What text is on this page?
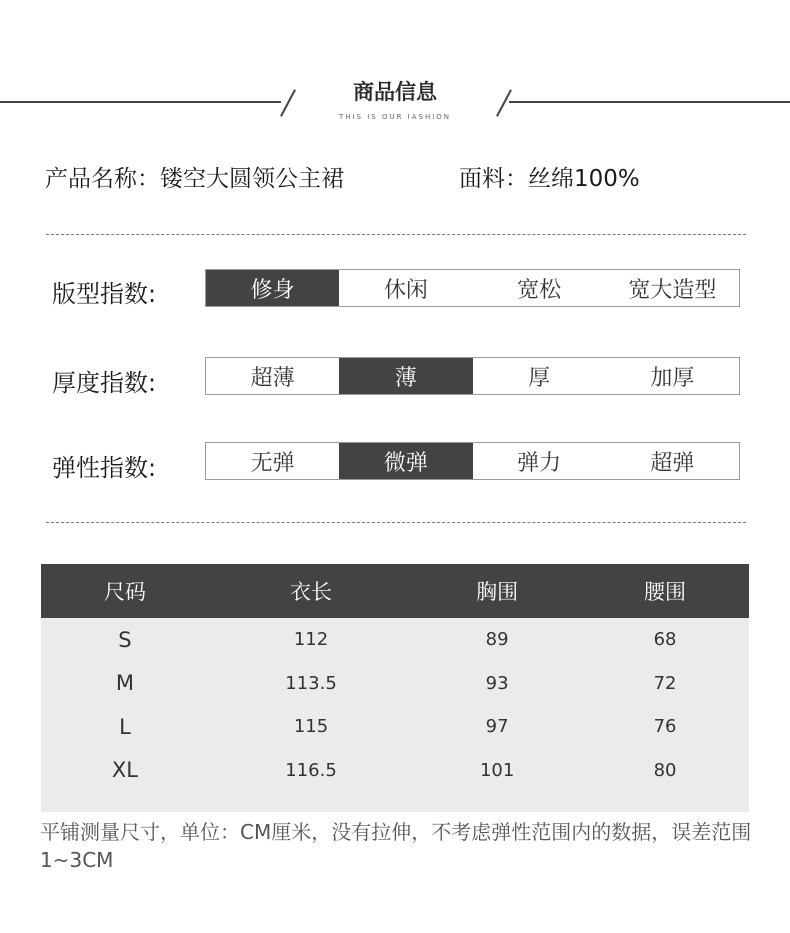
商品信息
THIS IS OUR IASHION
产品名称：镂空大圆领公主裙	面料：丝绵100%
版型指数:	修身	休闲	宽松	宽大造型
厚度指数:	超薄	薄	厚	加厚
弹性指数:	无弹	微弹	弹力	超弹
尺码	衣长	胸围	腰围
S	112	89	68
M	113.5	93	72
L	115	97	76
XL	116.5	101	80

平铺测量尺寸，单位：CM厘米，没有拉伸，不考虑弹性范围内的数据，误差范围1~3CM
